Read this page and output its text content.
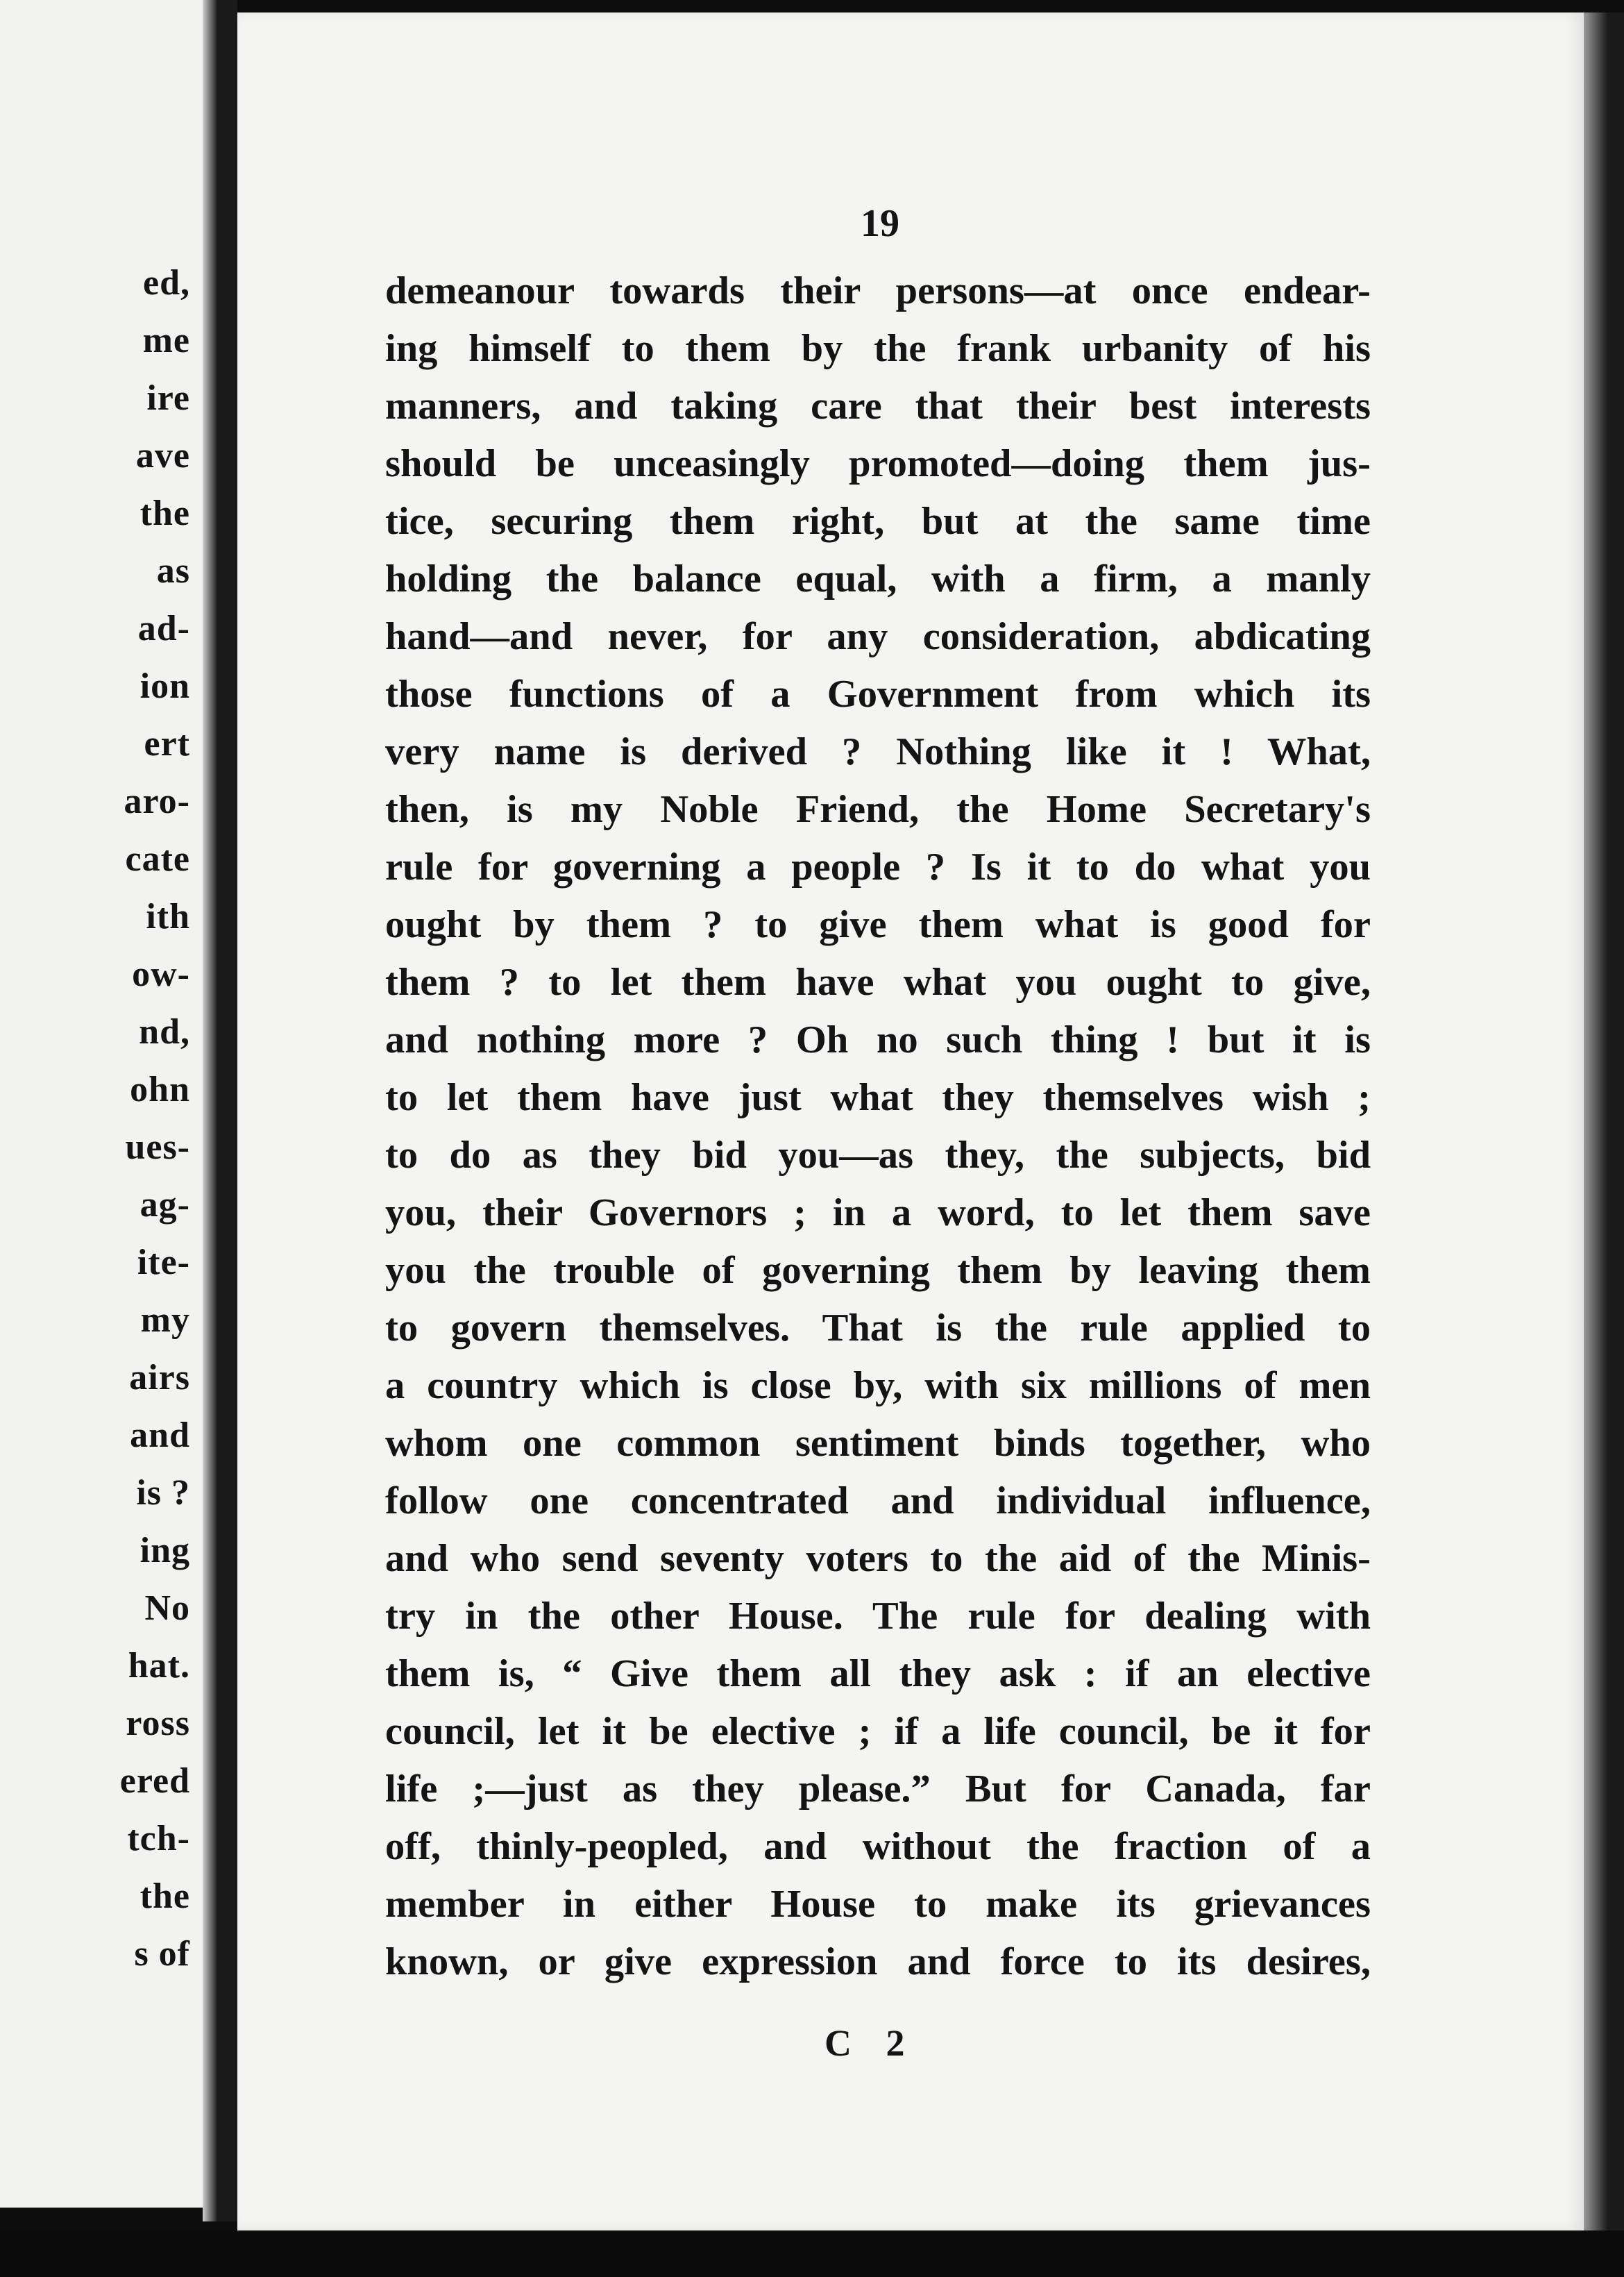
ed,
me
ire
ave
the
as
ad-
ion
ert
aro-
cate
ith
ow-
nd,
ohn
ues-
ag-
ite-
my
airs
and
is ?
ing
No
hat.
ross
ered
tch-
the
s of
19
demeanour towards their persons—at once endear-
ing himself to them by the frank urbanity of his
manners, and taking care that their best interests
should be unceasingly promoted—doing them jus-
tice, securing them right, but at the same time
holding the balance equal, with a firm, a manly
hand—and never, for any consideration, abdicating
those functions of a Government from which its
very name is derived ? Nothing like it ! What,
then, is my Noble Friend, the Home Secretary's
rule for governing a people ? Is it to do what you
ought by them ? to give them what is good for
them ? to let them have what you ought to give,
and nothing more ? Oh no such thing ! but it is
to let them have just what they themselves wish ;
to do as they bid you—as they, the subjects, bid
you, their Governors ; in a word, to let them save
you the trouble of governing them by leaving them
to govern themselves. That is the rule applied to
a country which is close by, with six millions of men
whom one common sentiment binds together, who
follow one concentrated and individual influence,
and who send seventy voters to the aid of the Minis-
try in the other House. The rule for dealing with
them is, “ Give them all they ask : if an elective
council, let it be elective ; if a life council, be it for
life ;—just as they please.” But for Canada, far
off, thinly-peopled, and without the fraction of a
member in either House to make its grievances
known, or give expression and force to its desires,
C 2
